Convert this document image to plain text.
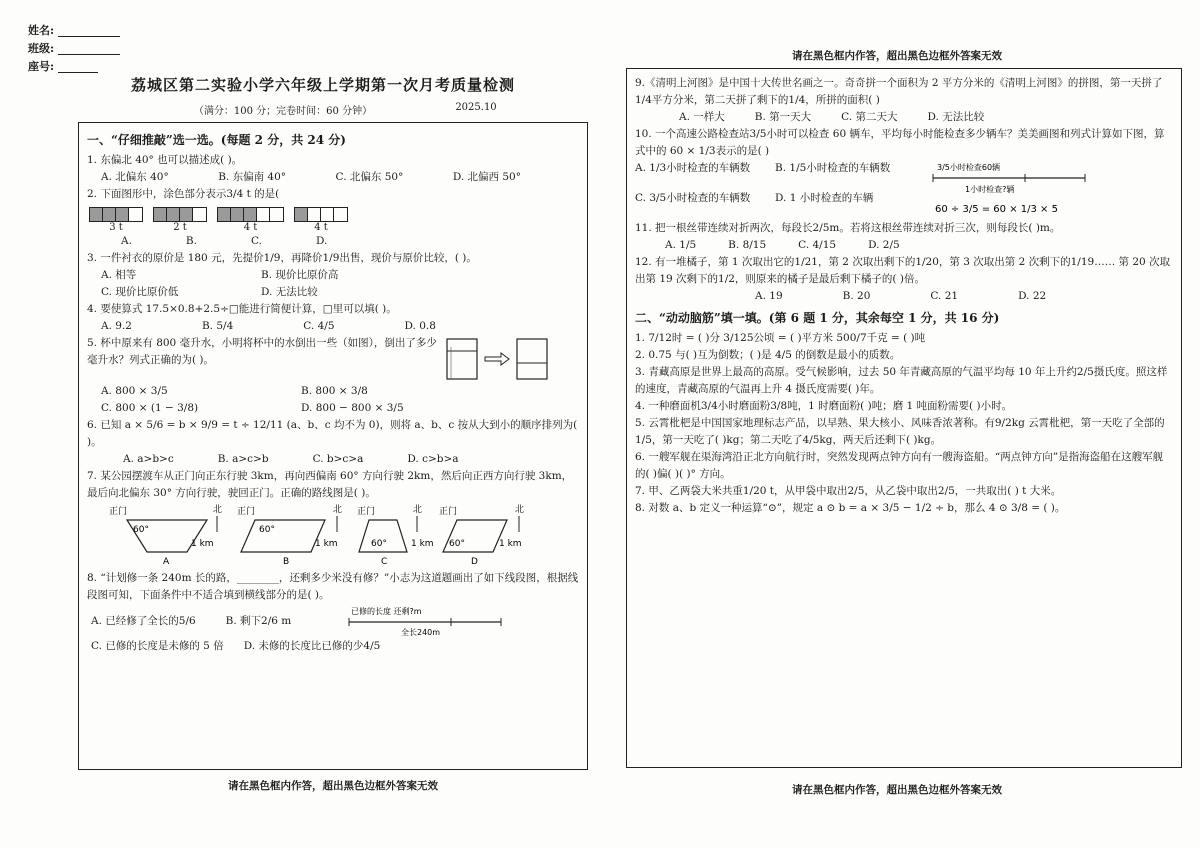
姓名:
班级:
座号:
荔城区第二实验小学六年级上学期第一次月考质量检测
（满分：100 分；完卷时间：60 分钟）	2025.10
一、“仔细推敲”选一选。(每题 2 分，共 24 分)
1. 东偏北 40° 也可以描述成( )。
A. 北偏东 40°	B. 东偏南 40°	C. 北偏东 50°	D. 北偏西 50°
2. 下面图形中，涂色部分表示3/4 t 的是(
3 t	2 t	4 t	4 t
A.	B.	C.	D.
3. 一件衬衣的原价是 180 元，先提价1/9，再降价1/9出售，现价与原价比较，( )。
A. 相等	B. 现价比原价高
C. 现价比原价低	D. 无法比较
4. 要使算式 17.5×0.8+2.5÷□能进行简便计算，□里可以填( )。
A. 9.2	B. 5/4	C. 4/5	D. 0.8
5. 杯中原来有 800 毫升水，小明将杯中的水倒出一些（如图），倒出了多少毫升水？列式正确的为( )。
A. 800 × 3/5	B. 800 × 3/8
C. 800 × (1 − 3/8)	D. 800 − 800 × 3/5
6. 已知 a × 5/6 = b × 9/9 = t ÷ 12/11 (a、b、c 均不为 0)，则将 a、b、c 按从大到小的顺序排列为( )。
A. a>b>c	B. a>c>b	C. b>c>a	D. c>b>a
7. 某公园摆渡车从正门向正东行驶 3km，再向西偏南 60° 方向行驶 2km，然后向正西方向行驶 3km，最后向北偏东 30° 方向行驶，驶回正门。正确的路线图是( )。
正门	北
60°
1 km
A
正门	北
60°
1 km
B
正门	北
60°	1 km
C
正门	北
60°	1 km
D
8. “计划修一条 240m 长的路，________，还剩多少米没有修？”小志为这道题画出了如下线段图，根据线段图可知，下面条件中不适合填到横线部分的是( )。
A. 已经修了全长的5/6	B. 剩下2/6 m
已修的长度 还剩?m
全长240m
C. 已修的长度是未修的 5 倍 D. 未修的长度比已修的少4/5
请在黑色框内作答，超出黑色边框外答案无效
请在黑色框内作答，超出黑色边框外答案无效
9.《清明上河图》是中国十大传世名画之一。奇奇拼一个面积为 2 平方分米的《清明上河图》的拼图，第一天拼了1/4平方分米，第二天拼了剩下的1/4，所拼的面积( )
A. 一样大	B. 第一天大	C. 第二天大	D. 无法比较
10. 一个高速公路检查站3/5小时可以检查 60 辆车，平均每小时能检查多少辆车？美美画图和列式计算如下图，算式中的 60 × 1/3表示的是( )
A. 1/3小时检查的车辆数	B. 1/5小时检查的车辆数
C. 3/5小时检查的车辆数	D. 1 小时检查的车辆
3/5小时检查60辆
1小时检查?辆
60 ÷ 3/5 = 60 × 1/3 × 5
11. 把一根丝带连续对折两次，每段长2/5m。若将这根丝带连续对折三次，则每段长( )m。
A. 1/5	B. 8/15	C. 4/15	D. 2/5
12. 有一堆橘子，第 1 次取出它的1/21，第 2 次取出剩下的1/20，第 3 次取出第 2 次剩下的1/19…… 第 20 次取出第 19 次剩下的1/2，则原来的橘子是最后剩下橘子的( )倍。
A. 19	B. 20	C. 21	D. 22
二、“动动脑筋”填一填。(第 6 题 1 分，其余每空 1 分，共 16 分)
1. 7/12时 = ( )分 3/125公顷 = ( )平方米 500/7千克 = ( )吨
2. 0.75 与( )互为倒数；( )是 4/5 的倒数是最小的质数。
3. 青藏高原是世界上最高的高原。受气候影响，过去 50 年青藏高原的气温平均每 10 年上升约2/5摄氏度。照这样的速度，青藏高原的气温再上升 4 摄氏度需要( )年。
4. 一种磨面机3/4小时磨面粉3/8吨，1 时磨面粉( )吨；磨 1 吨面粉需要( )小时。
5. 云霄枇杷是中国国家地理标志产品，以早熟、果大核小、风味香浓著称。有9/2kg 云霄枇杷，第一天吃了全部的1/5，第一天吃了( )kg；第二天吃了4/5kg，两天后还剩下( )kg。
6. 一艘军舰在渠海湾沿正北方向航行时，突然发现两点钟方向有一艘海盗船。“两点钟方向”是指海盗船在这艘军舰的( )偏( )( )° 方向。
7. 甲、乙两袋大米共重1/20 t，从甲袋中取出2/5，从乙袋中取出2/5，一共取出( ) t 大米。
8. 对数 a、b 定义一种运算“⊙”，规定 a ⊙ b = a × 3/5 − 1/2 ÷ b，那么 4 ⊙ 3/8 = ( )。
请在黑色框内作答，超出黑色边框外答案无效
